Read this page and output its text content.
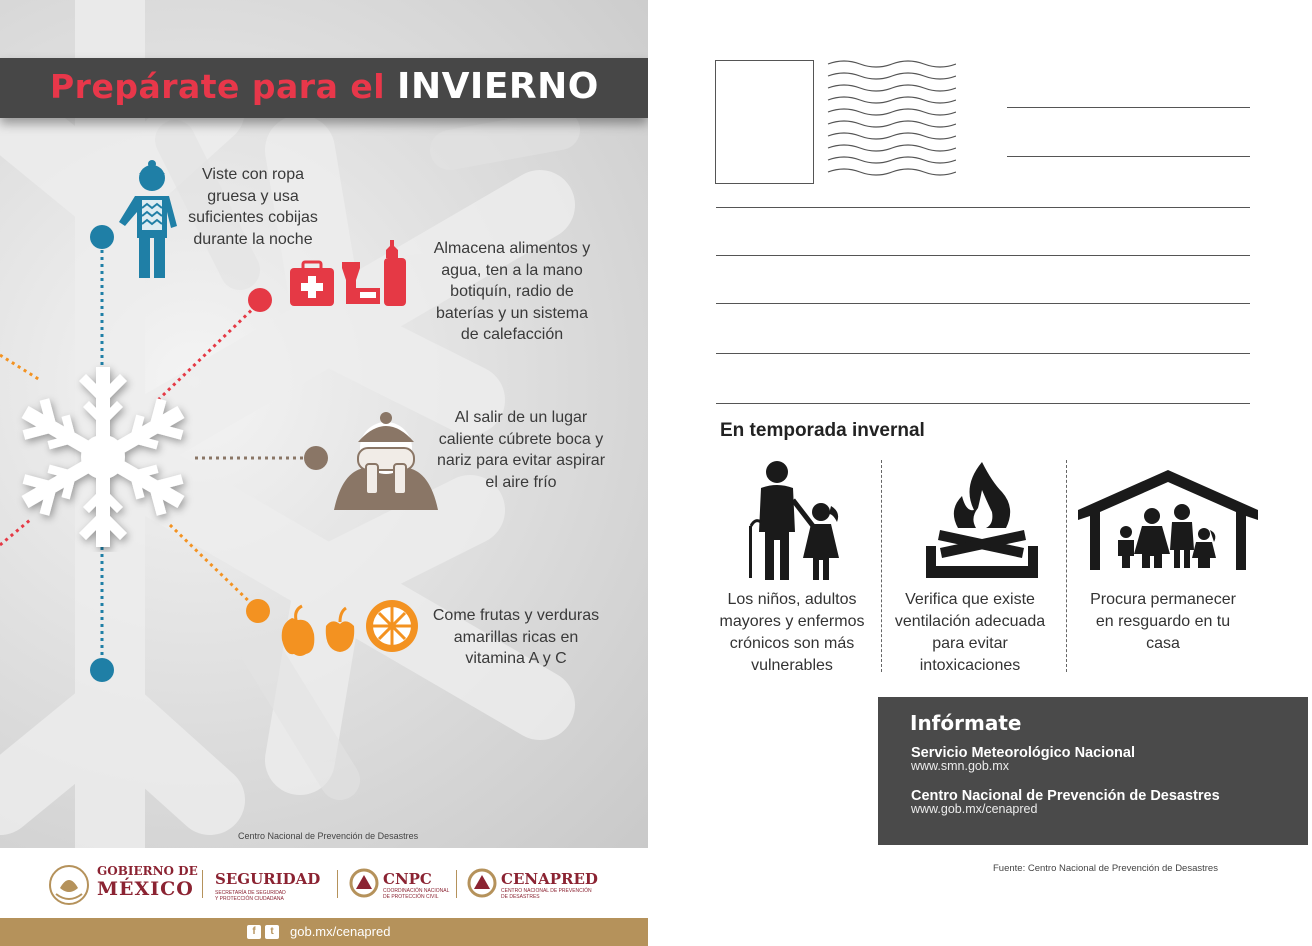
Prepárate para el INVIERNO
Viste con ropa gruesa y usa suficientes cobijas durante la noche
Almacena alimentos y agua, ten a la mano botiquín, radio de baterías y un sistema de calefacción
Al salir de un lugar caliente cúbrete boca y nariz para evitar aspirar el aire frío
Come frutas y verduras amarillas ricas en vitamina A y C
Centro Nacional de Prevención de Desastres
GOBIERNO DE
MÉXICO SEGURIDAD
SECRETARÍA DE SEGURIDAD
Y PROTECCIÓN CIUDADANA
CNPC
COORDINACIÓN NACIONAL
DE PROTECCIÓN CIVIL
CENAPRED
CENTRO NACIONAL DE PREVENCIÓN
DE DESASTRES
f	t	gob.mx/cenapred
En temporada invernal
Los niños, adultos mayores y enfermos crónicos son más vulnerables
Verifica que existe ventilación adecuada para evitar intoxicaciones
Procura permanecer en resguardo en tu casa
Infórmate
Servicio Meteorológico Nacional
www.smn.gob.mx
Centro Nacional de Prevención de Desastres
www.gob.mx/cenapred
Fuente: Centro Nacional de Prevención de Desastres
